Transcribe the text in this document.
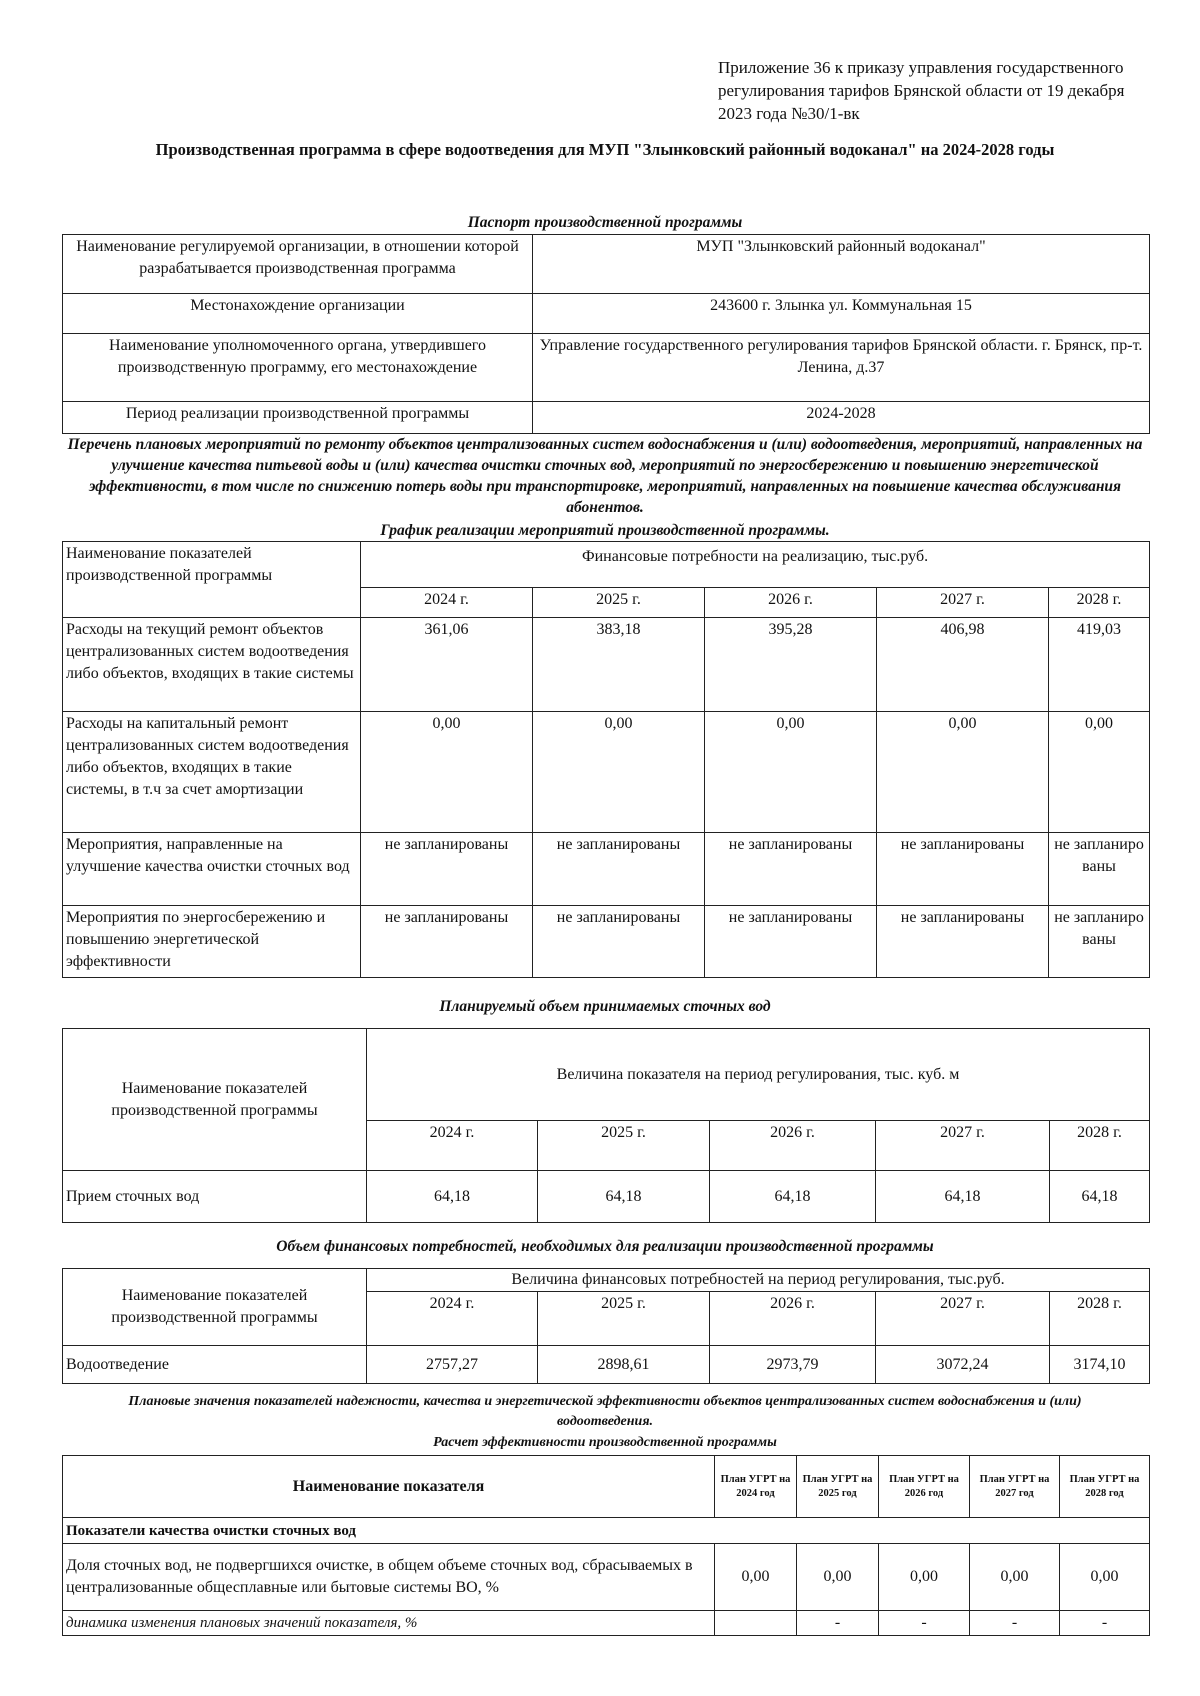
Приложение 36 к приказу управления государственного регулирования тарифов Брянской области от 19 декабря 2023 года №30/1-вк
Производственная программа в сфере водоотведения для МУП "Злынковский районный водоканал" на 2024-2028 годы
Паспорт производственной программы
Наименование регулируемой организации, в отношении которой разрабатывается производственная программа	МУП "Злынковский районный водоканал"
Местонахождение организации	243600 г. Злынка ул. Коммунальная 15
Наименование уполномоченного органа, утвердившего производственную программу, его местонахождение	Управление государственного регулирования тарифов Брянской области. г. Брянск, пр-т. Ленина, д.37
Период реализации производственной программы	2024-2028
Перечень плановых мероприятий по ремонту объектов централизованных систем водоснабжения и (или) водоотведения, мероприятий, направленных на улучшение качества питьевой воды и (или) качества очистки сточных вод, мероприятий по энергосбережению и повышению энергетической эффективности, в том числе по снижению потерь воды при транспортировке, мероприятий, направленных на повышение качества обслуживания абонентов.
График реализации мероприятий производственной программы.
Наименование показателей производственной программы	Финансовые потребности на реализацию, тыс.руб.				
	2024 г.	2025 г.	2026 г.	2027 г.	2028 г.
Расходы на текущий ремонт объектов централизованных систем водоотведения либо объектов, входящих в такие системы	361,06	383,18	395,28	406,98	419,03
Расходы на капитальный ремонт централизованных систем водоотведения либо объектов, входящих в такие системы, в т.ч за счет амортизации	0,00	0,00	0,00	0,00	0,00
Мероприятия, направленные на улучшение качества очистки сточных вод	не запланированы	не запланированы	не запланированы	не запланированы	не запланиро ваны
Мероприятия по энергосбережению и повышению энергетической эффективности	не запланированы	не запланированы	не запланированы	не запланированы	не запланиро ваны
Планируемый объем принимаемых сточных вод
Наименование показателей производственной программы	Величина показателя на период регулирования, тыс. куб. м				
	2024 г.	2025 г.	2026 г.	2027 г.	2028 г.
Прием сточных вод	64,18	64,18	64,18	64,18	64,18
Объем финансовых потребностей, необходимых для реализации производственной программы
Наименование показателей производственной программы	Величина финансовых потребностей на период регулирования, тыс.руб.				
	2024 г.	2025 г.	2026 г.	2027 г.	2028 г.
Водоотведение	2757,27	2898,61	2973,79	3072,24	3174,10
Плановые значения показателей надежности, качества и энергетической эффективности объектов централизованных систем водоснабжения и (или) водоотведения.
Расчет эффективности производственной программы
Наименование показателя	План УГРТ на 2024 год	План УГРТ на 2025 год	План УГРТ на 2026 год	План УГРТ на 2027 год	План УГРТ на 2028 год
Показатели качества очистки сточных вод					
Доля сточных вод, не подвергшихся очистке, в общем объеме сточных вод, сбрасываемых в централизованные общесплавные или бытовые системы ВО, %	0,00	0,00	0,00	0,00	0,00
динамика изменения плановых значений показателя, %		-	-	-	-
